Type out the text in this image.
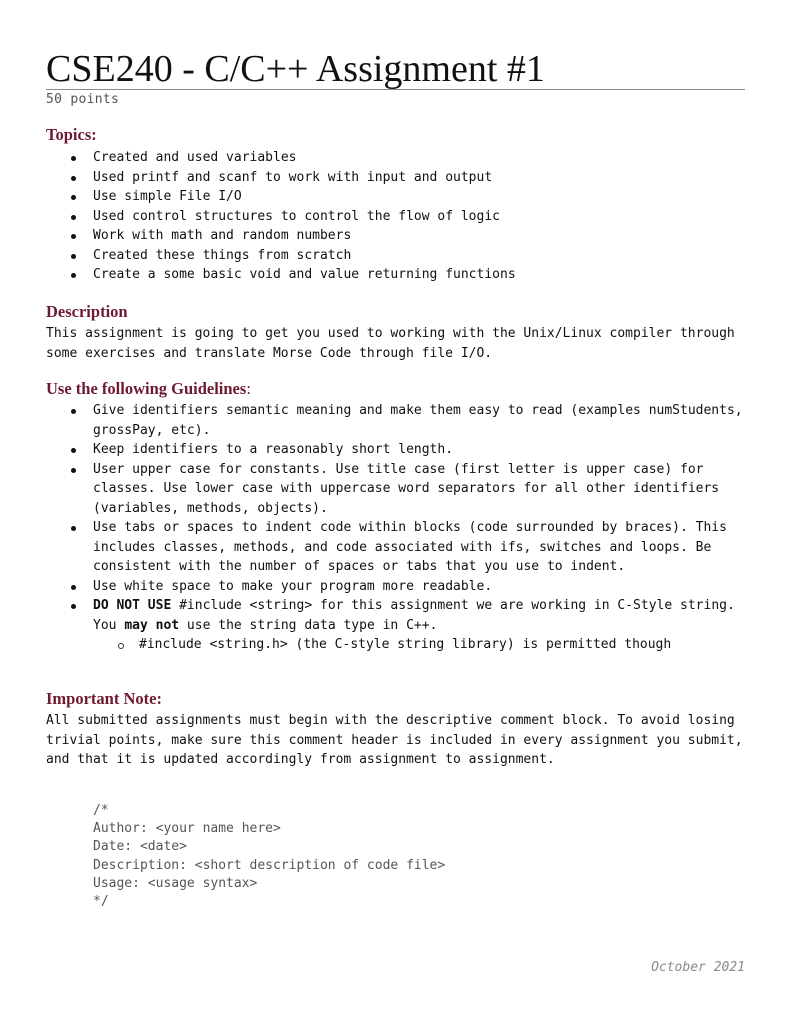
CSE240 - C/C++ Assignment #1
50 points
Topics:
Created and used variables
Used printf and scanf to work with input and output
Use simple File I/O
Used control structures to control the flow of logic
Work with math and random numbers
Created these things from scratch
Create a some basic void and value returning functions
Description
This assignment is going to get you used to working with the Unix/Linux compiler through some exercises and translate Morse Code through file I/O.
Use the following Guidelines:
Give identifiers semantic meaning and make them easy to read (examples numStudents, grossPay, etc).
Keep identifiers to a reasonably short length.
User upper case for constants. Use title case (first letter is upper case) for classes. Use lower case with uppercase word separators for all other identifiers (variables, methods, objects).
Use tabs or spaces to indent code within blocks (code surrounded by braces). This includes classes, methods, and code associated with ifs, switches and loops. Be consistent with the number of spaces or tabs that you use to indent.
Use white space to make your program more readable.
DO NOT USE #include <string> for this assignment we are working in C-Style string. You may not use the string data type in C++.
#include <string.h> (the C-style string library) is permitted though
Important Note:
All submitted assignments must begin with the descriptive comment block. To avoid losing trivial points, make sure this comment header is included in every assignment you submit, and that it is updated accordingly from assignment to assignment.
/*
Author: <your name here>
Date: <date>
Description: <short description of code file>
Usage: <usage syntax>
*/
October 2021
